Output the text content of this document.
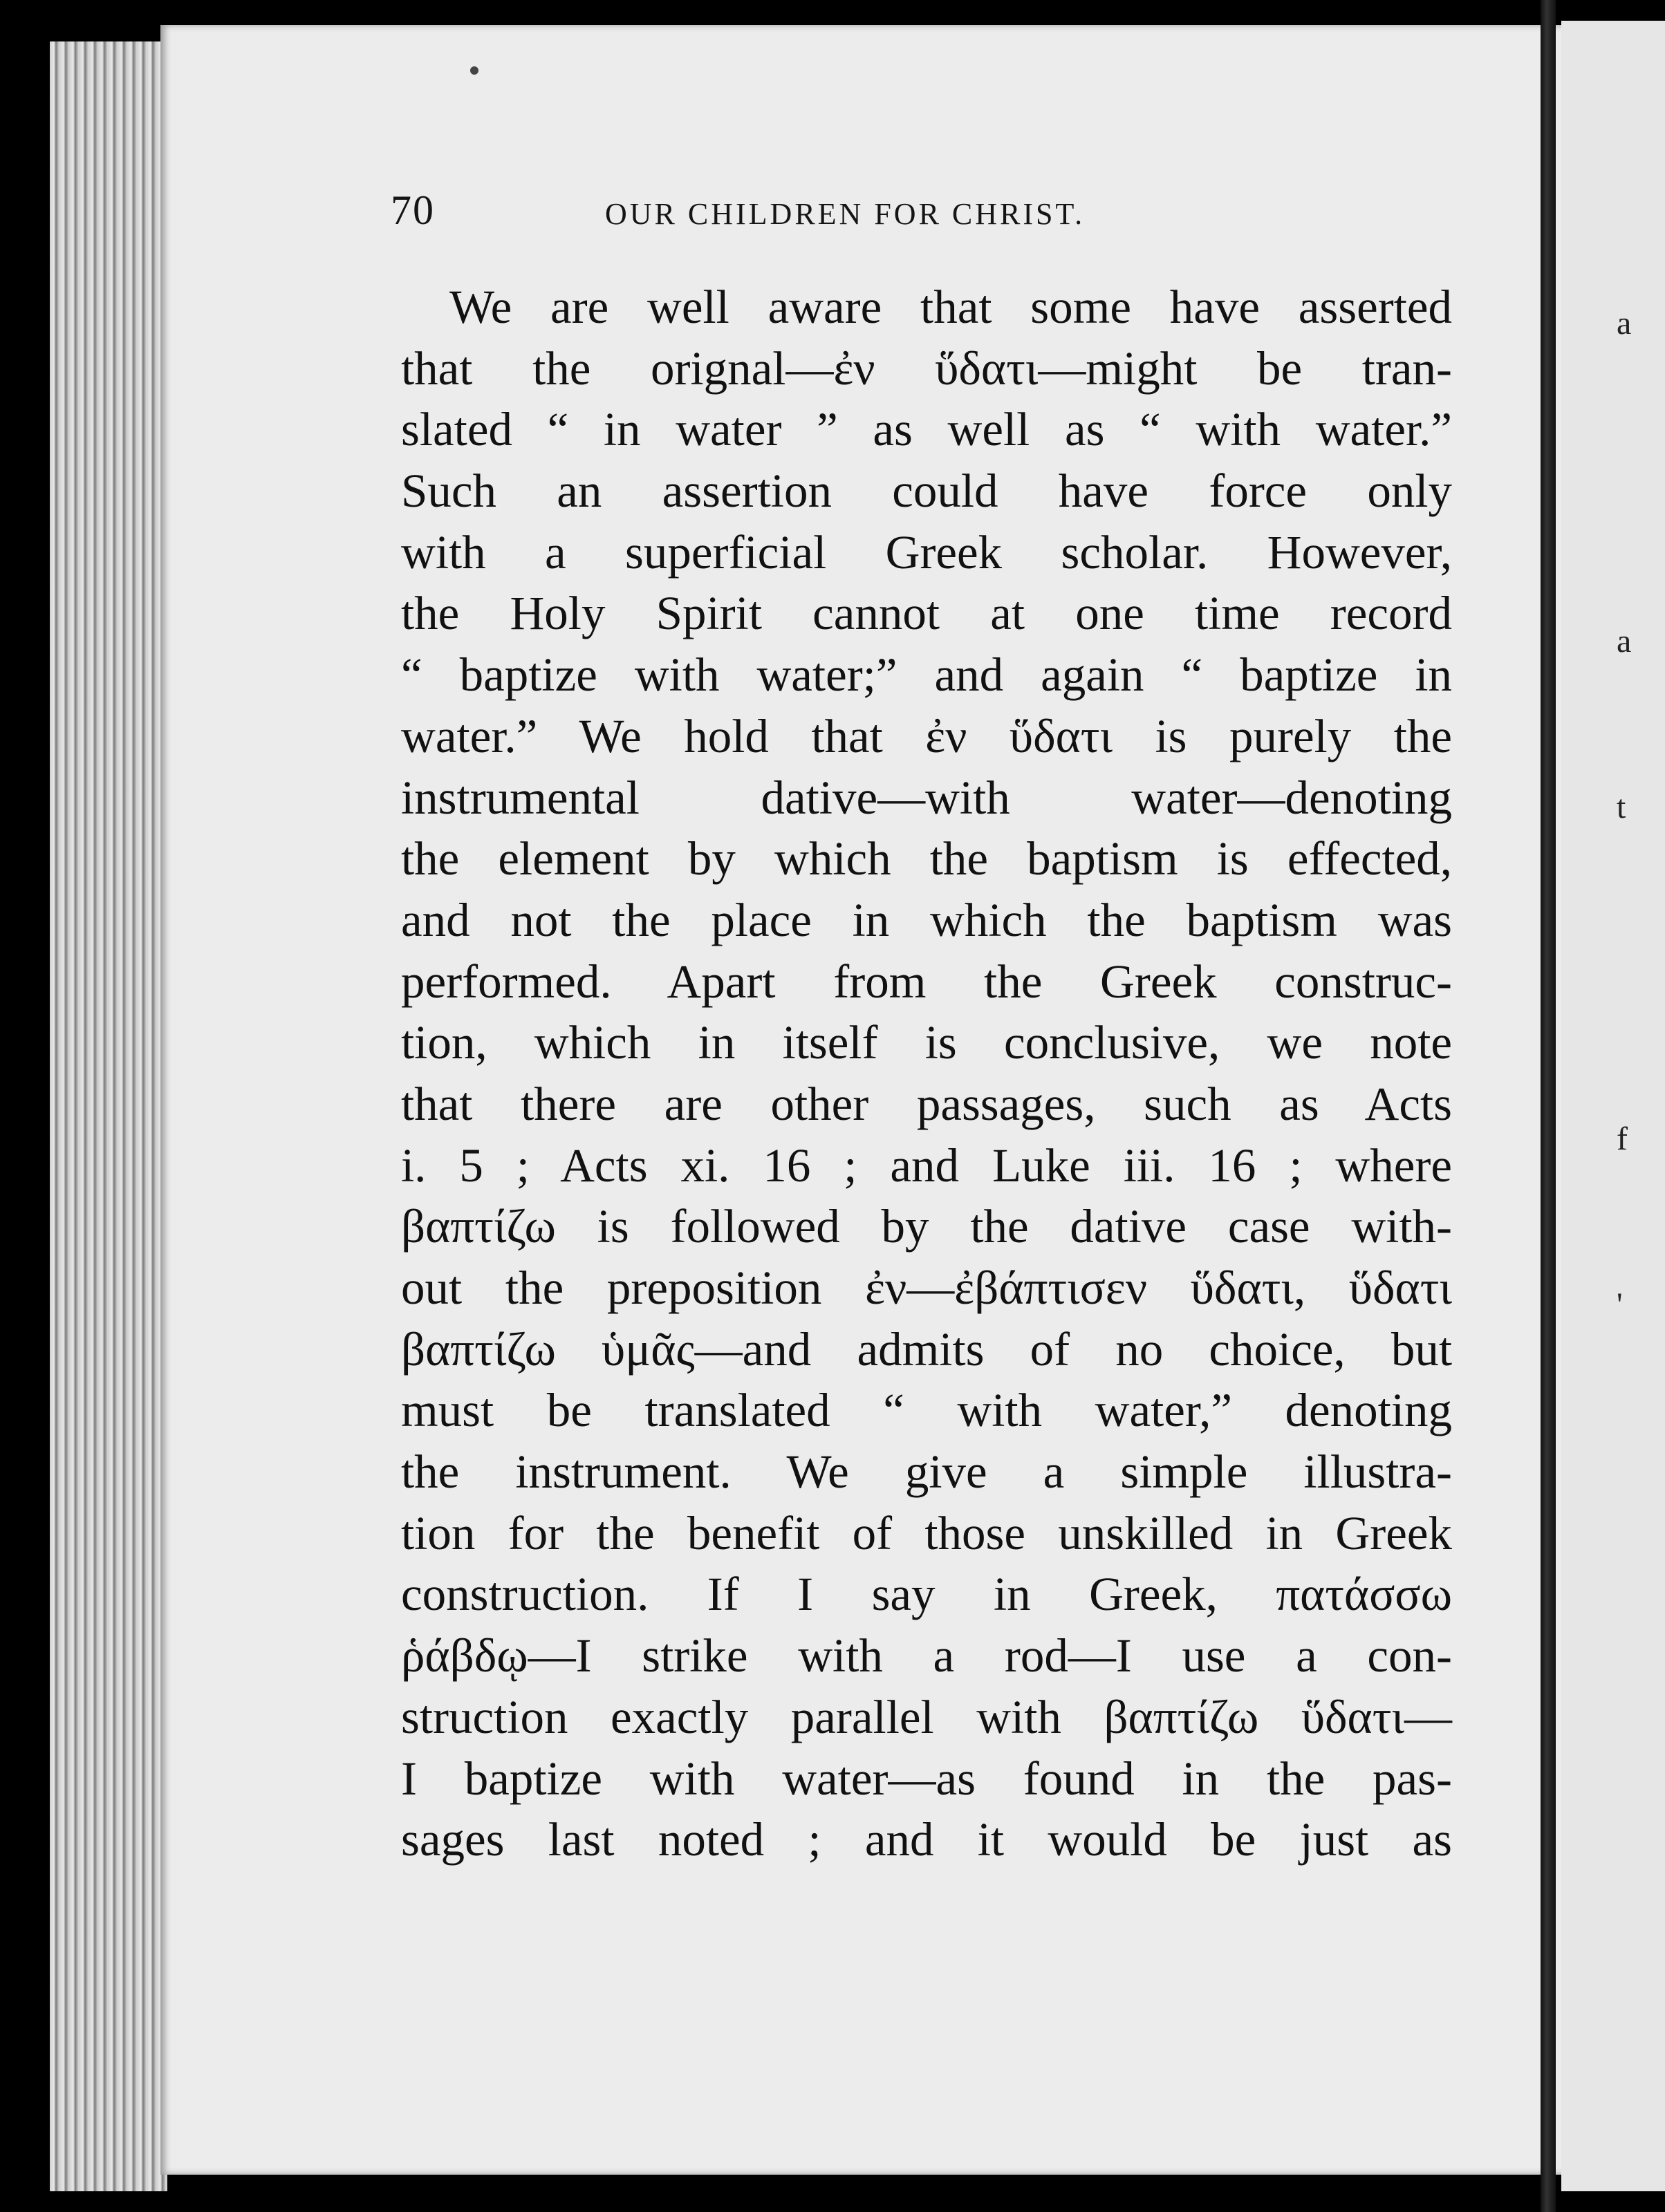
a
a
t
f
'
70	OUR CHILDREN FOR CHRIST.
We are well aware that some have asserted
that the orignal—ἐν ὕδατι—might be tran-
slated “ in water ” as well as “ with water.”
Such an assertion could have force only
with a superficial Greek scholar. However,
the Holy Spirit cannot at one time record
“ baptize with water;” and again “ baptize in
water.” We hold that ἐν ὕδατι is purely the
instrumental dative—with water—denoting
the element by which the baptism is effected,
and not the place in which the baptism was
performed. Apart from the Greek construc-
tion, which in itself is conclusive, we note
that there are other passages, such as Acts
i. 5 ; Acts xi. 16 ; and Luke iii. 16 ; where
βαπτίζω is followed by the dative case with-
out the preposition ἐν—ἐβάπτισεν ὕδατι, ὕδατι
βαπτίζω ὑμᾶς—and admits of no choice, but
must be translated “ with water,” denoting
the instrument. We give a simple illustra-
tion for the benefit of those unskilled in Greek
construction. If I say in Greek, πατάσσω
ῥάβδῳ—I strike with a rod—I use a con-
struction exactly parallel with βαπτίζω ὕδατι—
I baptize with water—as found in the pas-
sages last noted ; and it would be just as
